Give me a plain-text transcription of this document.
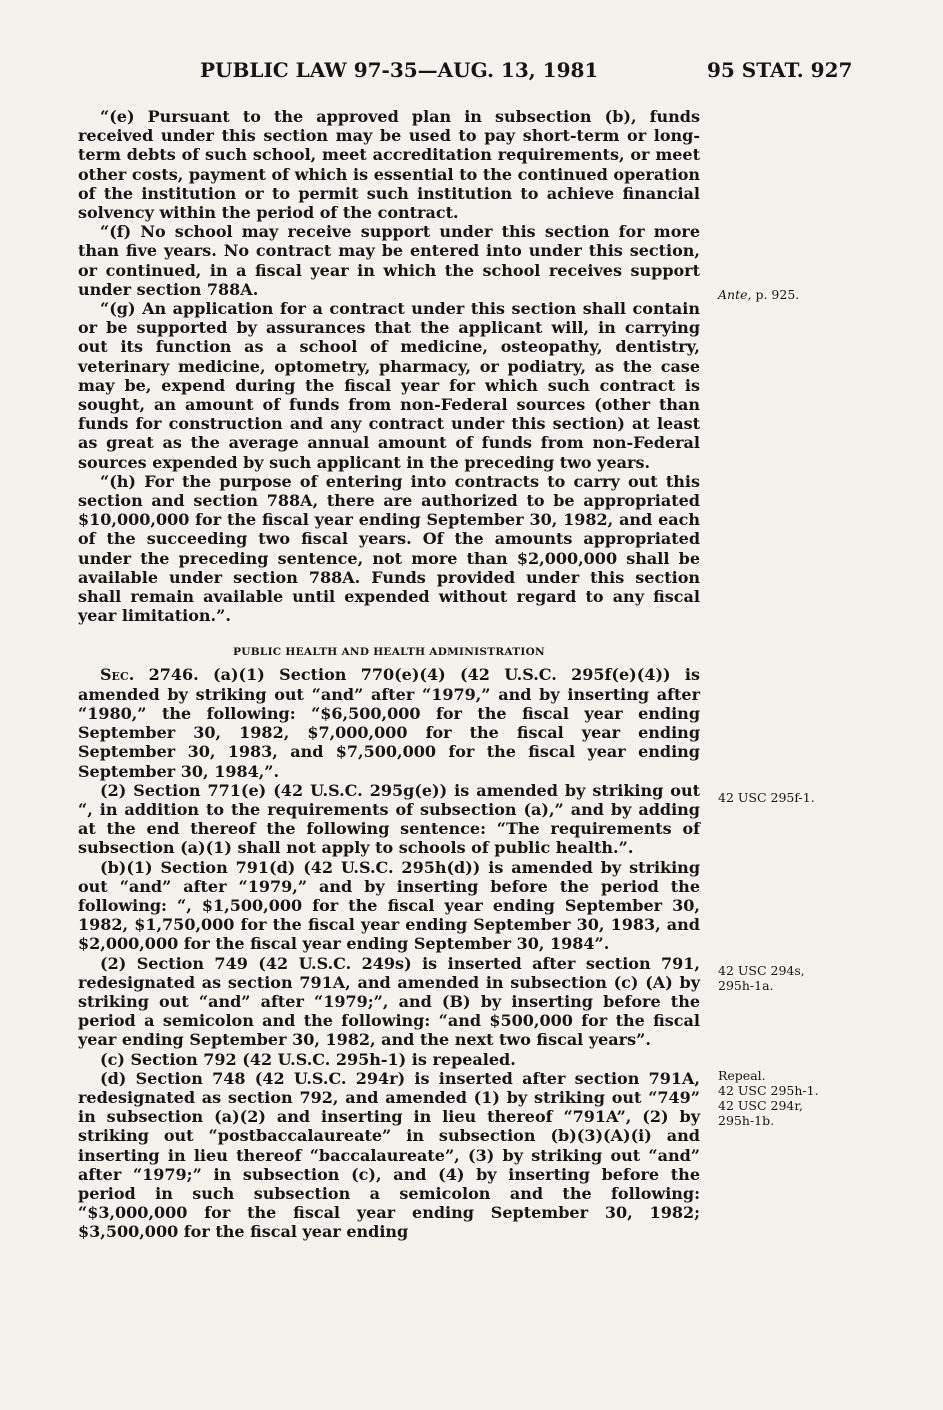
PUBLIC LAW 97-35—AUG. 13, 1981	95 STAT. 927

“(e) Pursuant to the approved plan in subsection (b), funds received under this section may be used to pay short-term or long-term debts of such school, meet accreditation requirements, or meet other costs, payment of which is essential to the continued operation of the institution or to permit such institution to achieve financial solvency within the period of the contract.

“(f) No school may receive support under this section for more than five years. No contract may be entered into under this section, or continued, in a fiscal year in which the school receives support under section 788A.

“(g) An application for a contract under this section shall contain or be supported by assurances that the applicant will, in carrying out its function as a school of medicine, osteopathy, dentistry, veterinary medicine, optometry, pharmacy, or podiatry, as the case may be, expend during the fiscal year for which such contract is sought, an amount of funds from non-Federal sources (other than funds for construction and any contract under this section) at least as great as the average annual amount of funds from non-Federal sources expended by such applicant in the preceding two years.

“(h) For the purpose of entering into contracts to carry out this section and section 788A, there are authorized to be appropriated $10,000,000 for the fiscal year ending September 30, 1982, and each of the succeeding two fiscal years. Of the amounts appropriated under the preceding sentence, not more than $2,000,000 shall be available under section 788A. Funds provided under this section shall remain available until expended without regard to any fiscal year limitation.”.

PUBLIC HEALTH AND HEALTH ADMINISTRATION

Sec. 2746. (a)(1) Section 770(e)(4) (42 U.S.C. 295f(e)(4)) is amended by striking out “and” after “1979,” and by inserting after “1980,” the following: “$6,500,000 for the fiscal year ending September 30, 1982, $7,000,000 for the fiscal year ending September 30, 1983, and $7,500,000 for the fiscal year ending September 30, 1984,”.

(2) Section 771(e) (42 U.S.C. 295g(e)) is amended by striking out “, in addition to the requirements of subsection (a),” and by adding at the end thereof the following sentence: “The requirements of subsection (a)(1) shall not apply to schools of public health.”.

(b)(1) Section 791(d) (42 U.S.C. 295h(d)) is amended by striking out “and” after “1979,” and by inserting before the period the following: “, $1,500,000 for the fiscal year ending September 30, 1982, $1,750,000 for the fiscal year ending September 30, 1983, and $2,000,000 for the fiscal year ending September 30, 1984”.

(2) Section 749 (42 U.S.C. 249s) is inserted after section 791, redesignated as section 791A, and amended in subsection (c) (A) by striking out “and” after “1979;”, and (B) by inserting before the period a semicolon and the following: “and $500,000 for the fiscal year ending September 30, 1982, and the next two fiscal years”.

(c) Section 792 (42 U.S.C. 295h-1) is repealed.

(d) Section 748 (42 U.S.C. 294r) is inserted after section 791A, redesignated as section 792, and amended (1) by striking out “749” in subsection (a)(2) and inserting in lieu thereof “791A”, (2) by striking out “postbaccalaureate” in subsection (b)(3)(A)(i) and inserting in lieu thereof “baccalaureate”, (3) by striking out “and” after “1979;” in subsection (c), and (4) by inserting before the period in such subsection a semicolon and the following: “$3,000,000 for the fiscal year ending September 30, 1982; $3,500,000 for the fiscal year ending

Ante, p. 925.
42 USC 295f-1.
42 USC 294s,
295h-1a.
Repeal.
42 USC 295h-1.
42 USC 294r,
295h-1b.
